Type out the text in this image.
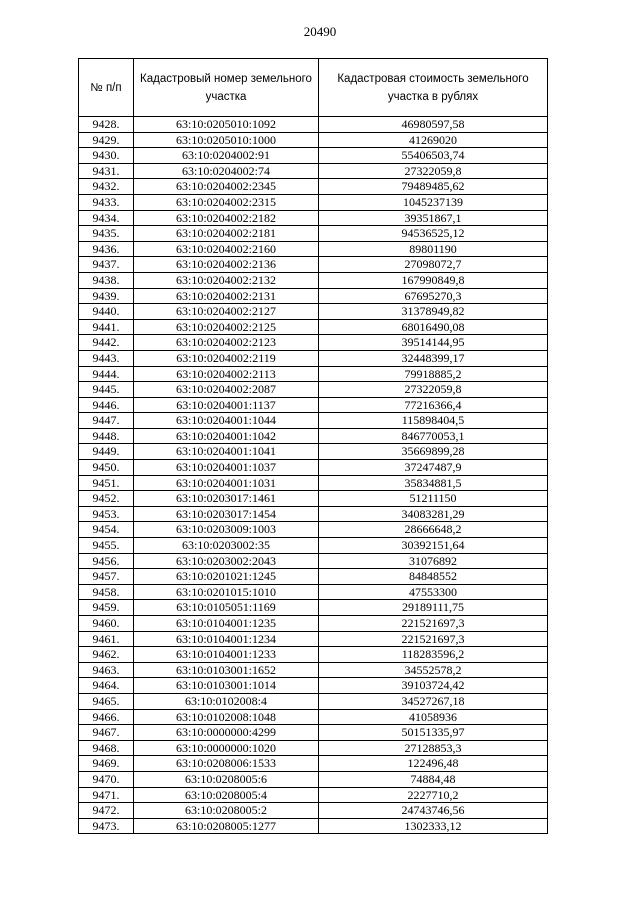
20490
№ п/п	Кадастровый номер земельного участка	Кадастровая стоимость земельного участка в рублях
9428.	63:10:0205010:1092	46980597,58
9429.	63:10:0205010:1000	41269020
9430.	63:10:0204002:91	55406503,74
9431.	63:10:0204002:74	27322059,8
9432.	63:10:0204002:2345	79489485,62
9433.	63:10:0204002:2315	1045237139
9434.	63:10:0204002:2182	39351867,1
9435.	63:10:0204002:2181	94536525,12
9436.	63:10:0204002:2160	89801190
9437.	63:10:0204002:2136	27098072,7
9438.	63:10:0204002:2132	167990849,8
9439.	63:10:0204002:2131	67695270,3
9440.	63:10:0204002:2127	31378949,82
9441.	63:10:0204002:2125	68016490,08
9442.	63:10:0204002:2123	39514144,95
9443.	63:10:0204002:2119	32448399,17
9444.	63:10:0204002:2113	79918885,2
9445.	63:10:0204002:2087	27322059,8
9446.	63:10:0204001:1137	77216366,4
9447.	63:10:0204001:1044	115898404,5
9448.	63:10:0204001:1042	846770053,1
9449.	63:10:0204001:1041	35669899,28
9450.	63:10:0204001:1037	37247487,9
9451.	63:10:0204001:1031	35834881,5
9452.	63:10:0203017:1461	51211150
9453.	63:10:0203017:1454	34083281,29
9454.	63:10:0203009:1003	28666648,2
9455.	63:10:0203002:35	30392151,64
9456.	63:10:0203002:2043	31076892
9457.	63:10:0201021:1245	84848552
9458.	63:10:0201015:1010	47553300
9459.	63:10:0105051:1169	29189111,75
9460.	63:10:0104001:1235	221521697,3
9461.	63:10:0104001:1234	221521697,3
9462.	63:10:0104001:1233	118283596,2
9463.	63:10:0103001:1652	34552578,2
9464.	63:10:0103001:1014	39103724,42
9465.	63:10:0102008:4	34527267,18
9466.	63:10:0102008:1048	41058936
9467.	63:10:0000000:4299	50151335,97
9468.	63:10:0000000:1020	27128853,3
9469.	63:10:0208006:1533	122496,48
9470.	63:10:0208005:6	74884,48
9471.	63:10:0208005:4	2227710,2
9472.	63:10:0208005:2	24743746,56
9473.	63:10:0208005:1277	1302333,12
